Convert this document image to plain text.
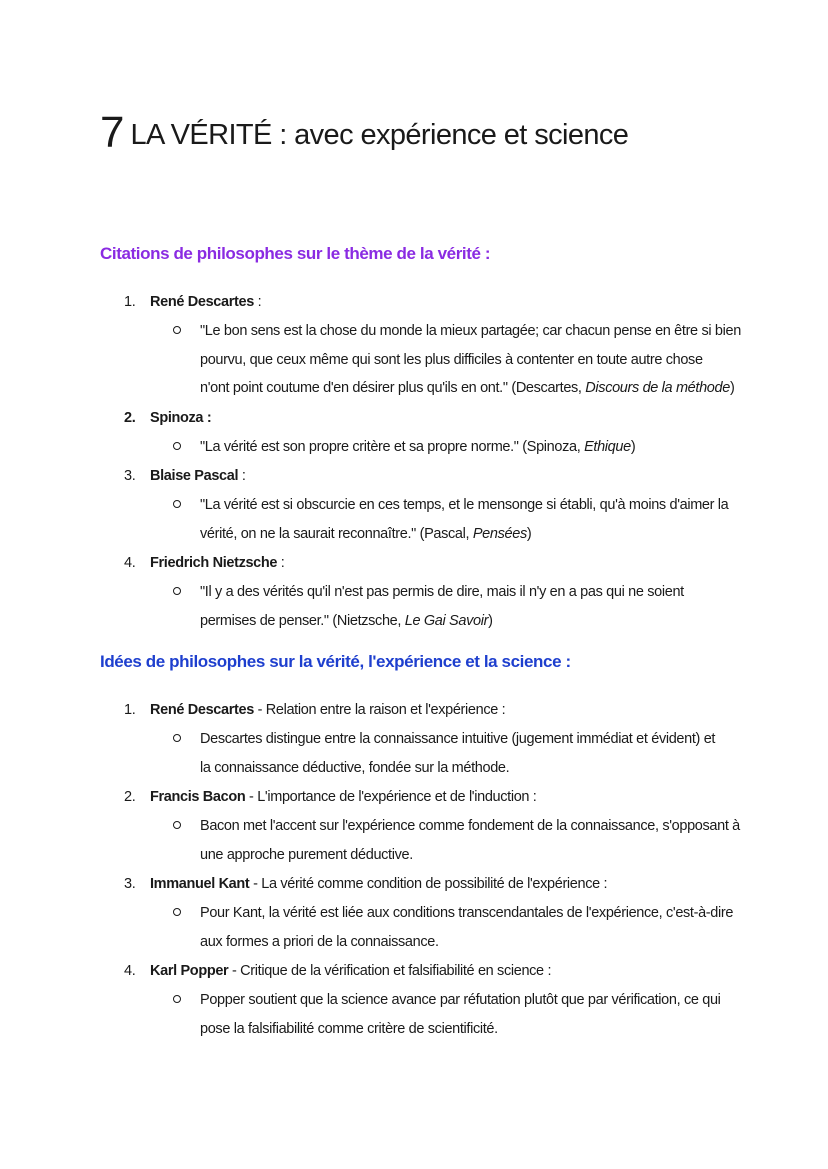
7 LA VÉRITÉ : avec expérience et science
Citations de philosophes sur le thème de la vérité :
1. René Descartes :
"Le bon sens est la chose du monde la mieux partagée; car chacun pense en être si bien
pourvu, que ceux même qui sont les plus difficiles à contenter en toute autre chose
n'ont point coutume d'en désirer plus qu'ils en ont." (Descartes, Discours de la méthode)
2. Spinoza :
"La vérité est son propre critère et sa propre norme." (Spinoza, Ethique)
3. Blaise Pascal :
"La vérité est si obscurcie en ces temps, et le mensonge si établi, qu'à moins d'aimer la
vérité, on ne la saurait reconnaître." (Pascal, Pensées)
4. Friedrich Nietzsche :
"Il y a des vérités qu'il n'est pas permis de dire, mais il n'y en a pas qui ne soient
permises de penser." (Nietzsche, Le Gai Savoir)
Idées de philosophes sur la vérité, l'expérience et la science :
1. René Descartes - Relation entre la raison et l'expérience :
Descartes distingue entre la connaissance intuitive (jugement immédiat et évident) et
la connaissance déductive, fondée sur la méthode.
2. Francis Bacon - L'importance de l'expérience et de l'induction :
Bacon met l'accent sur l'expérience comme fondement de la connaissance, s'opposant à
une approche purement déductive.
3. Immanuel Kant - La vérité comme condition de possibilité de l'expérience :
Pour Kant, la vérité est liée aux conditions transcendantales de l'expérience, c'est-à-dire
aux formes a priori de la connaissance.
4. Karl Popper - Critique de la vérification et falsifiabilité en science :
Popper soutient que la science avance par réfutation plutôt que par vérification, ce qui
pose la falsifiabilité comme critère de scientificité.
